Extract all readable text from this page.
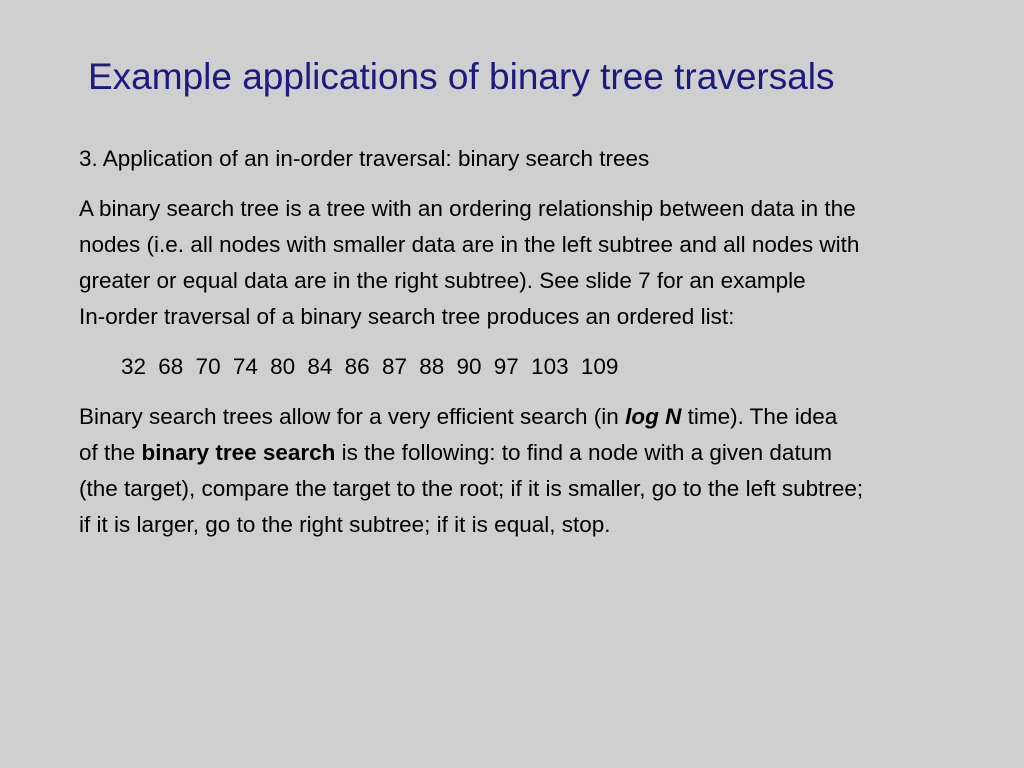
Example applications of binary tree traversals
3. Application of an in-order traversal: binary search trees
A binary search tree is a tree with an ordering relationship between data in the
nodes (i.e. all nodes with smaller data are in the left subtree and all nodes with
greater or equal data are in the right subtree). See slide 7 for an example
In-order traversal of a binary search tree produces an ordered list:
32 68 70 74 80 84 86 87 88 90 97 103 109
Binary search trees allow for a very efficient search (in log N time). The idea
of the binary tree search is the following: to find a node with a given datum
(the target), compare the target to the root; if it is smaller, go to the left subtree;
if it is larger, go to the right subtree; if it is equal, stop.
